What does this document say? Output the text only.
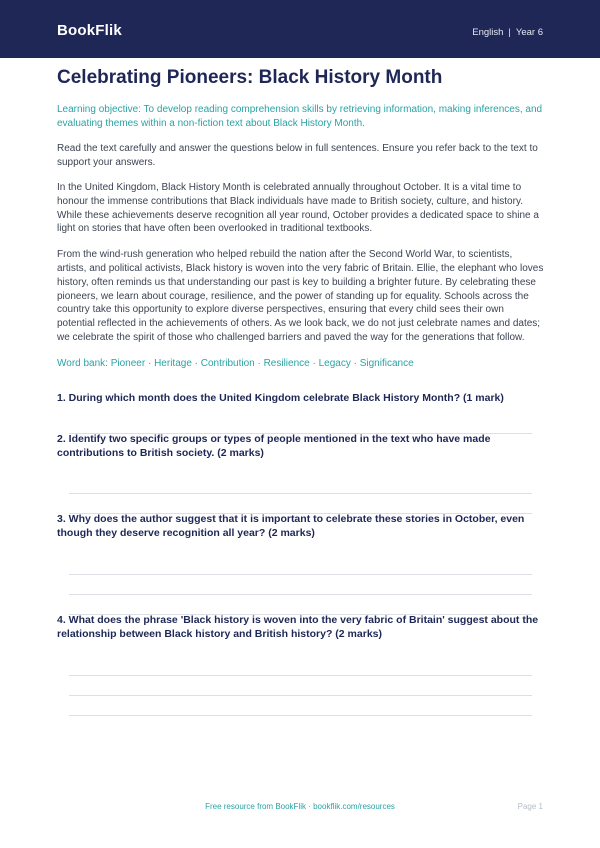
BookFlik	English | Year 6
Celebrating Pioneers: Black History Month

Learning objective: To develop reading comprehension skills by retrieving information, making inferences, and evaluating themes within a non-fiction text about Black History Month.

Read the text carefully and answer the questions below in full sentences. Ensure you refer back to the text to support your answers.

In the United Kingdom, Black History Month is celebrated annually throughout October. It is a vital time to honour the immense contributions that Black individuals have made to British society, culture, and history. While these achievements deserve recognition all year round, October provides a dedicated space to shine a light on stories that have often been overlooked in traditional textbooks.

From the wind-rush generation who helped rebuild the nation after the Second World War, to scientists, artists, and political activists, Black history is woven into the very fabric of Britain. Ellie, the elephant who loves history, often reminds us that understanding our past is key to building a brighter future. By celebrating these pioneers, we learn about courage, resilience, and the power of standing up for equality. Schools across the country take this opportunity to explore diverse perspectives, ensuring that every child sees their own potential reflected in the achievements of others. As we look back, we do not just celebrate names and dates; we celebrate the spirit of those who challenged barriers and paved the way for the generations that follow.

Word bank: Pioneer · Heritage · Contribution · Resilience · Legacy · Significance

1. During which month does the United Kingdom celebrate Black History Month? (1 mark)

2. Identify two specific groups or types of people mentioned in the text who have made contributions to British society. (2 marks)

3. Why does the author suggest that it is important to celebrate these stories in October, even though they deserve recognition all year? (2 marks)

4. What does the phrase 'Black history is woven into the very fabric of Britain' suggest about the relationship between Black history and British history? (2 marks)

Free resource from BookFlik · bookflik.com/resources	Page 1
